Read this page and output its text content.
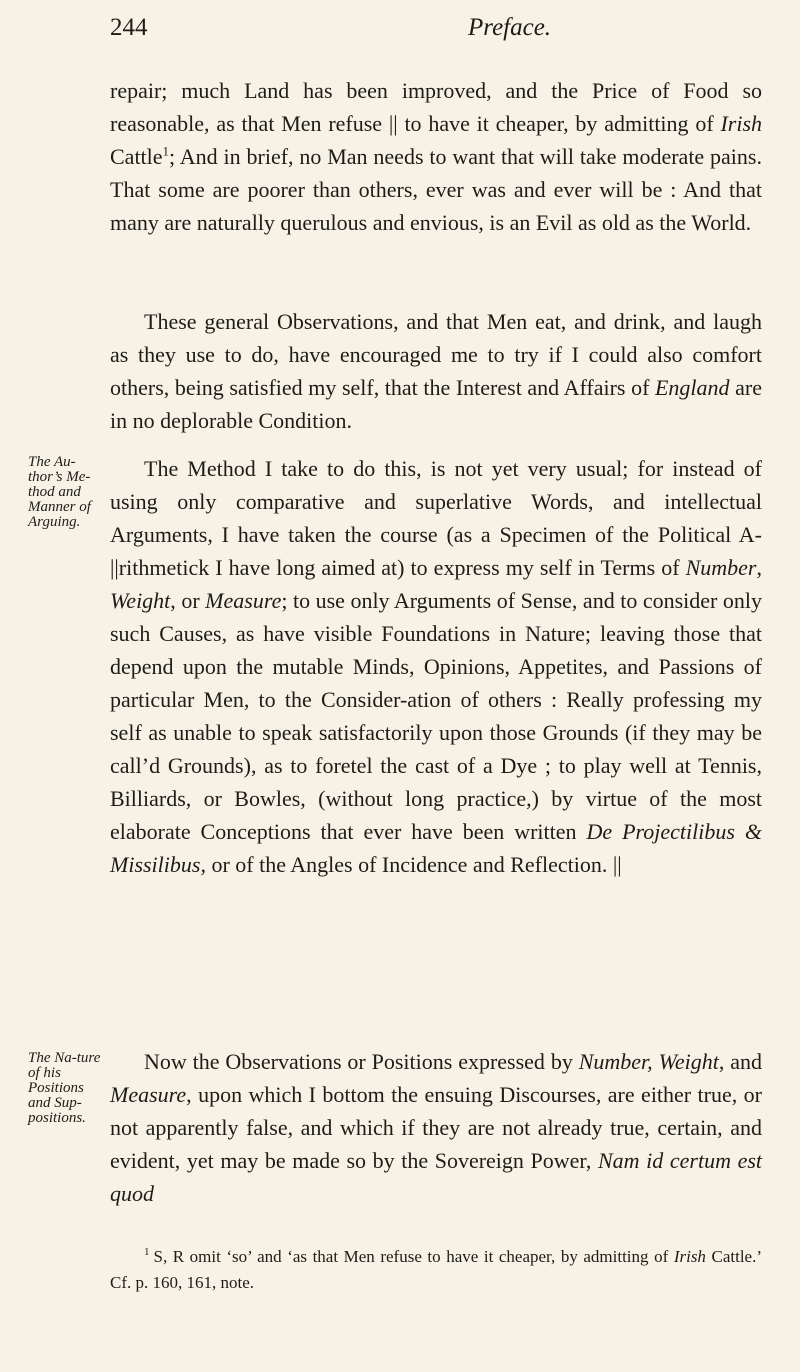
244	Preface.

repair; much Land has been improved, and the Price of Food so reasonable, as that Men refuse || to have it cheaper, by admitting of Irish Cattle$^1$; And in brief, no Man needs to want that will take moderate pains. That some are poorer than others, ever was and ever will be : And that many are naturally querulous and envious, is an Evil as old as the World.

These general Observations, and that Men eat, and drink, and laugh as they use to do, have encouraged me to try if I could also comfort others, being satisfied my self, that the Interest and Affairs of England are in no deplorable Condition.

The Au-thor’s Me-thod and Manner of Arguing.

The Method I take to do this, is not yet very usual; for instead of using only comparative and superlative Words, and intellectual Arguments, I have taken the course (as a Specimen of the Political A-||rithmetick I have long aimed at) to express my self in Terms of Number, Weight, or Measure; to use only Arguments of Sense, and to consider only such Causes, as have visible Foundations in Nature; leaving those that depend upon the mutable Minds, Opinions, Appetites, and Passions of particular Men, to the Consider-ation of others : Really professing my self as unable to speak satisfactorily upon those Grounds (if they may be call’d Grounds), as to foretel the cast of a Dye ; to play well at Tennis, Billiards, or Bowles, (without long practice,) by virtue of the most elaborate Conceptions that ever have been written De Projectilibus & Missilibus, or of the Angles of Incidence and Reflection. ||

The Na-ture of his Positions and Sup-positions.

Now the Observations or Positions expressed by Number, Weight, and Measure, upon which I bottom the ensuing Discourses, are either true, or not apparently false, and which if they are not already true, certain, and evident, yet may be made so by the Sovereign Power, Nam id certum est quod

$^1$ S, R omit ‘so’ and ‘as that Men refuse to have it cheaper, by admitting of Irish Cattle.’ Cf. p. 160, 161, note.
